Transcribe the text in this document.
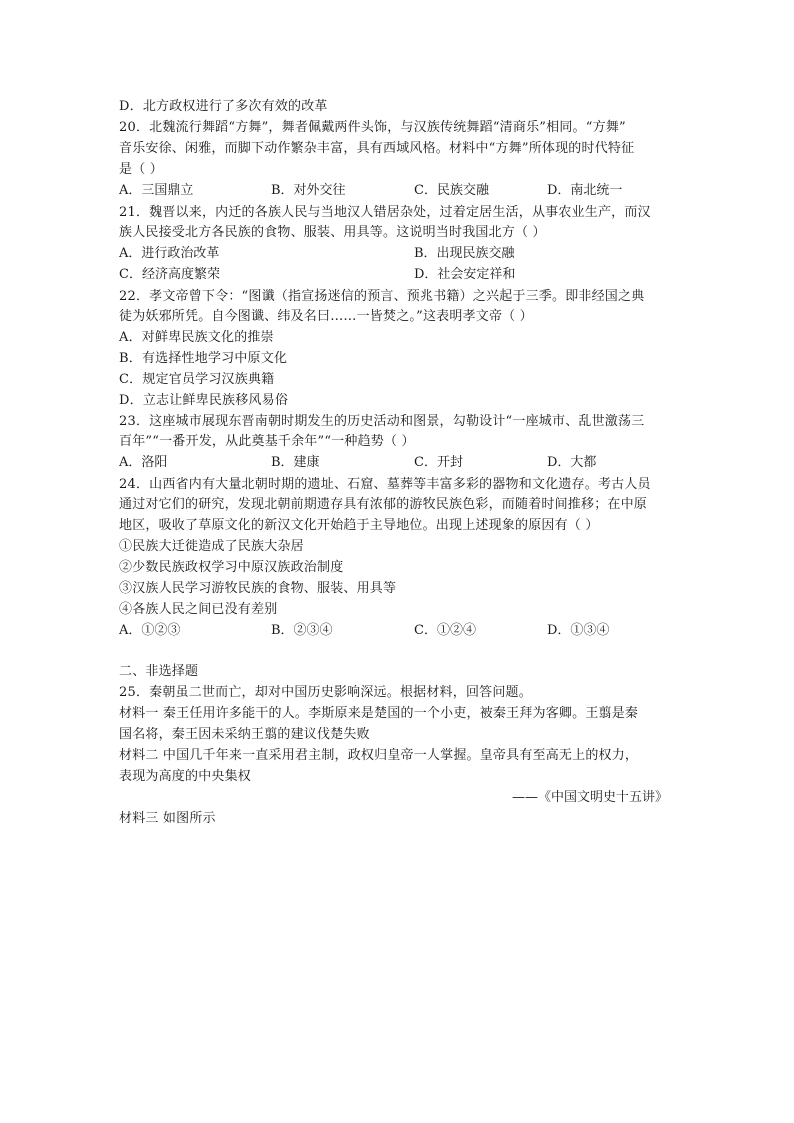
D．北方政权进行了多次有效的改革
20．北魏流行舞蹈“方舞”，舞者佩戴两件头饰，与汉族传统舞蹈“清商乐”相同。“方舞”
音乐安徐、闲雅，而脚下动作繁杂丰富，具有西域风格。材料中“方舞”所体现的时代特征
是（ ）
A．三国鼎立	B．对外交往	C．民族交融	D．南北统一
21．魏晋以来，内迁的各族人民与当地汉人错居杂处，过着定居生活，从事农业生产，而汉
族人民接受北方各民族的食物、服装、用具等。这说明当时我国北方（ ）
A．进行政治改革	B．出现民族交融
C．经济高度繁荣	D．社会安定祥和
22．孝文帝曾下令：“图谶（指宣扬迷信的预言、预兆书籍）之兴起于三季。即非经国之典
徒为妖邪所凭。自今图谶、纬及名曰……一皆焚之。”这表明孝文帝（ ）
A．对鲜卑民族文化的推崇
B．有选择性地学习中原文化
C．规定官员学习汉族典籍
D．立志让鲜卑民族移风易俗
23．这座城市展现东晋南朝时期发生的历史活动和图景，勾勒设计“一座城市、乱世激荡三
百年”“一番开发，从此奠基千余年”“一种趋势（ ）
A．洛阳	B．建康	C．开封	D．大都
24．山西省内有大量北朝时期的遗址、石窟、墓葬等丰富多彩的器物和文化遗存。考古人员
通过对它们的研究，发现北朝前期遗存具有浓郁的游牧民族色彩，而随着时间推移；在中原
地区，吸收了草原文化的新汉文化开始趋于主导地位。出现上述现象的原因有（ ）
①民族大迁徙造成了民族大杂居
②少数民族政权学习中原汉族政治制度
③汉族人民学习游牧民族的食物、服装、用具等
④各族人民之间已没有差别
A．①②③	B．②③④	C．①②④	D．①③④
二、非选择题
25．秦朝虽二世而亡，却对中国历史影响深远。根据材料，回答问题。
材料一 秦王任用许多能干的人。李斯原来是楚国的一个小吏，被秦王拜为客卿。王翦是秦
国名将，秦王因未采纳王翦的建议伐楚失败
材料二 中国几千年来一直采用君主制，政权归皇帝一人掌握。皇帝具有至高无上的权力，
表现为高度的中央集权
——《中国文明史十五讲》
材料三 如图所示
